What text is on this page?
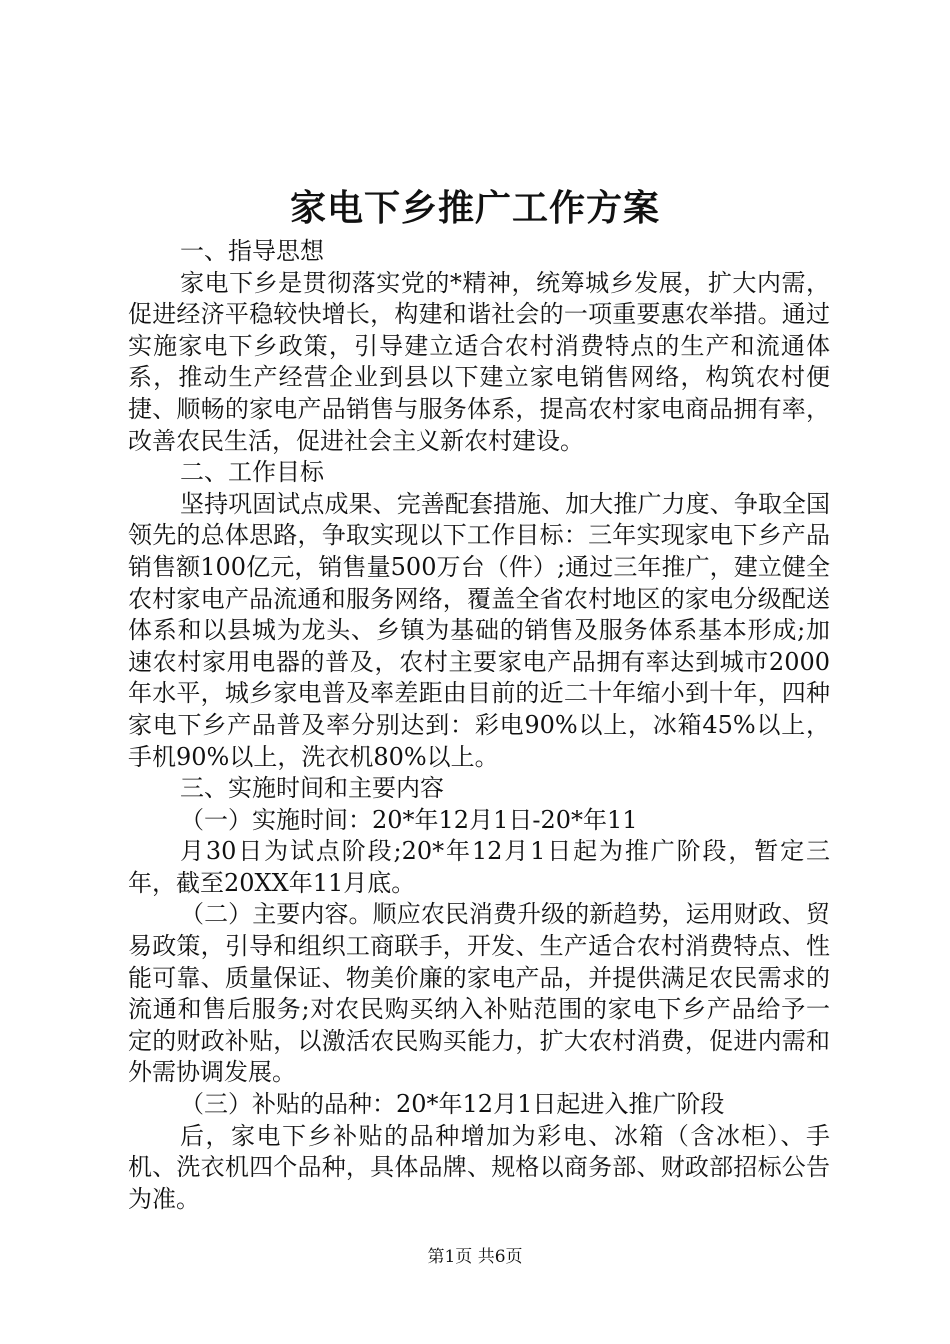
家电下乡推广工作方案

一、指导思想

家电下乡是贯彻落实党的*精神，统筹城乡发展，扩大内需，促进经济平稳较快增长，构建和谐社会的一项重要惠农举措。通过实施家电下乡政策，引导建立适合农村消费特点的生产和流通体系，推动生产经营企业到县以下建立家电销售网络，构筑农村便捷、顺畅的家电产品销售与服务体系，提高农村家电商品拥有率，改善农民生活，促进社会主义新农村建设。

二、工作目标

坚持巩固试点成果、完善配套措施、加大推广力度、争取全国领先的总体思路，争取实现以下工作目标：三年实现家电下乡产品销售额100亿元，销售量500万台（件）;通过三年推广，建立健全农村家电产品流通和服务网络，覆盖全省农村地区的家电分级配送体系和以县城为龙头、乡镇为基础的销售及服务体系基本形成;加速农村家用电器的普及，农村主要家电产品拥有率达到城市2000年水平，城乡家电普及率差距由目前的近二十年缩小到十年，四种家电下乡产品普及率分别达到：彩电90%以上，冰箱45%以上，手机90%以上，洗衣机80%以上。

三、实施时间和主要内容

（一）实施时间：20*年12月1日-20*年11

月30日为试点阶段;20*年12月1日起为推广阶段，暂定三年，截至20XX年11月底。

（二）主要内容。顺应农民消费升级的新趋势，运用财政、贸易政策，引导和组织工商联手，开发、生产适合农村消费特点、性能可靠、质量保证、物美价廉的家电产品，并提供满足农民需求的流通和售后服务;对农民购买纳入补贴范围的家电下乡产品给予一定的财政补贴，以激活农民购买能力，扩大农村消费，促进内需和外需协调发展。

（三）补贴的品种：20*年12月1日起进入推广阶段

后，家电下乡补贴的品种增加为彩电、冰箱（含冰柜）、手机、洗衣机四个品种，具体品牌、规格以商务部、财政部招标公告为准。

第1页 共6页
